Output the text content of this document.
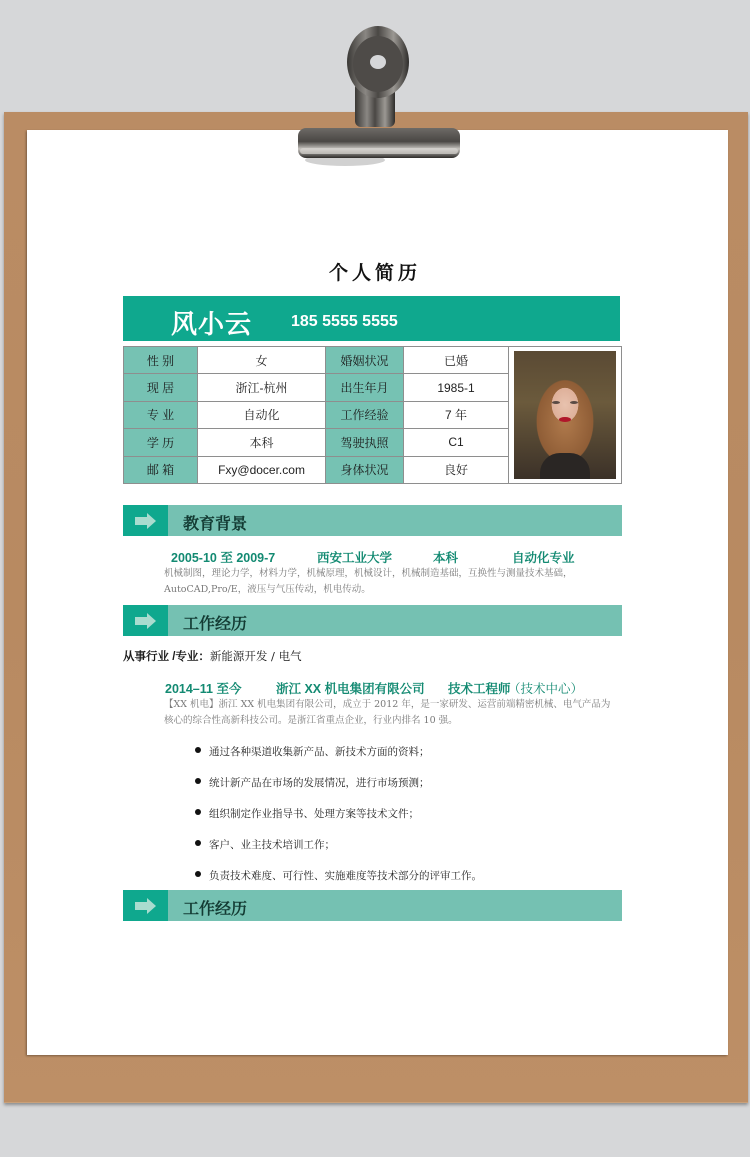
个人简历
风小云 185 5555 5555
性 别	女	婚姻状况	已婚	

现 居	浙江-杭州	出生年月	1985-1	
专 业	自动化	工作经验	7 年	
学 历	本科	驾驶执照	C1	
邮 箱	Fxy@docer.com	身体状况	良好	
教育背景
2005-10 至 2009-7	西安工业大学	本科	自动化专业
机械制图，理论力学，材料力学，机械原理，机械设计，机械制造基础，互换性与测量技术基础，
AutoCAD,Pro/E，液压与气压传动，机电传动。
工作经历
从事行业 /专业：新能源开发 / 电气
2014–11 至今	浙江 XX 机电集团有限公司 技术工程师
（技术中心）
【XX 机电】浙江 XX 机电集团有限公司，成立于 2012 年，是一家研发、运营前端精密机械、电气产品为
核心的综合性高新科技公司。是浙江省重点企业，行业内排名 10 强。
通过各种渠道收集新产品、新技术方面的资料；
统计新产品在市场的发展情况，进行市场预测；
组织制定作业指导书、处理方案等技术文件；
客户、业主技术培训工作；
负责技术难度、可行性、实施难度等技术部分的评审工作。
工作经历
